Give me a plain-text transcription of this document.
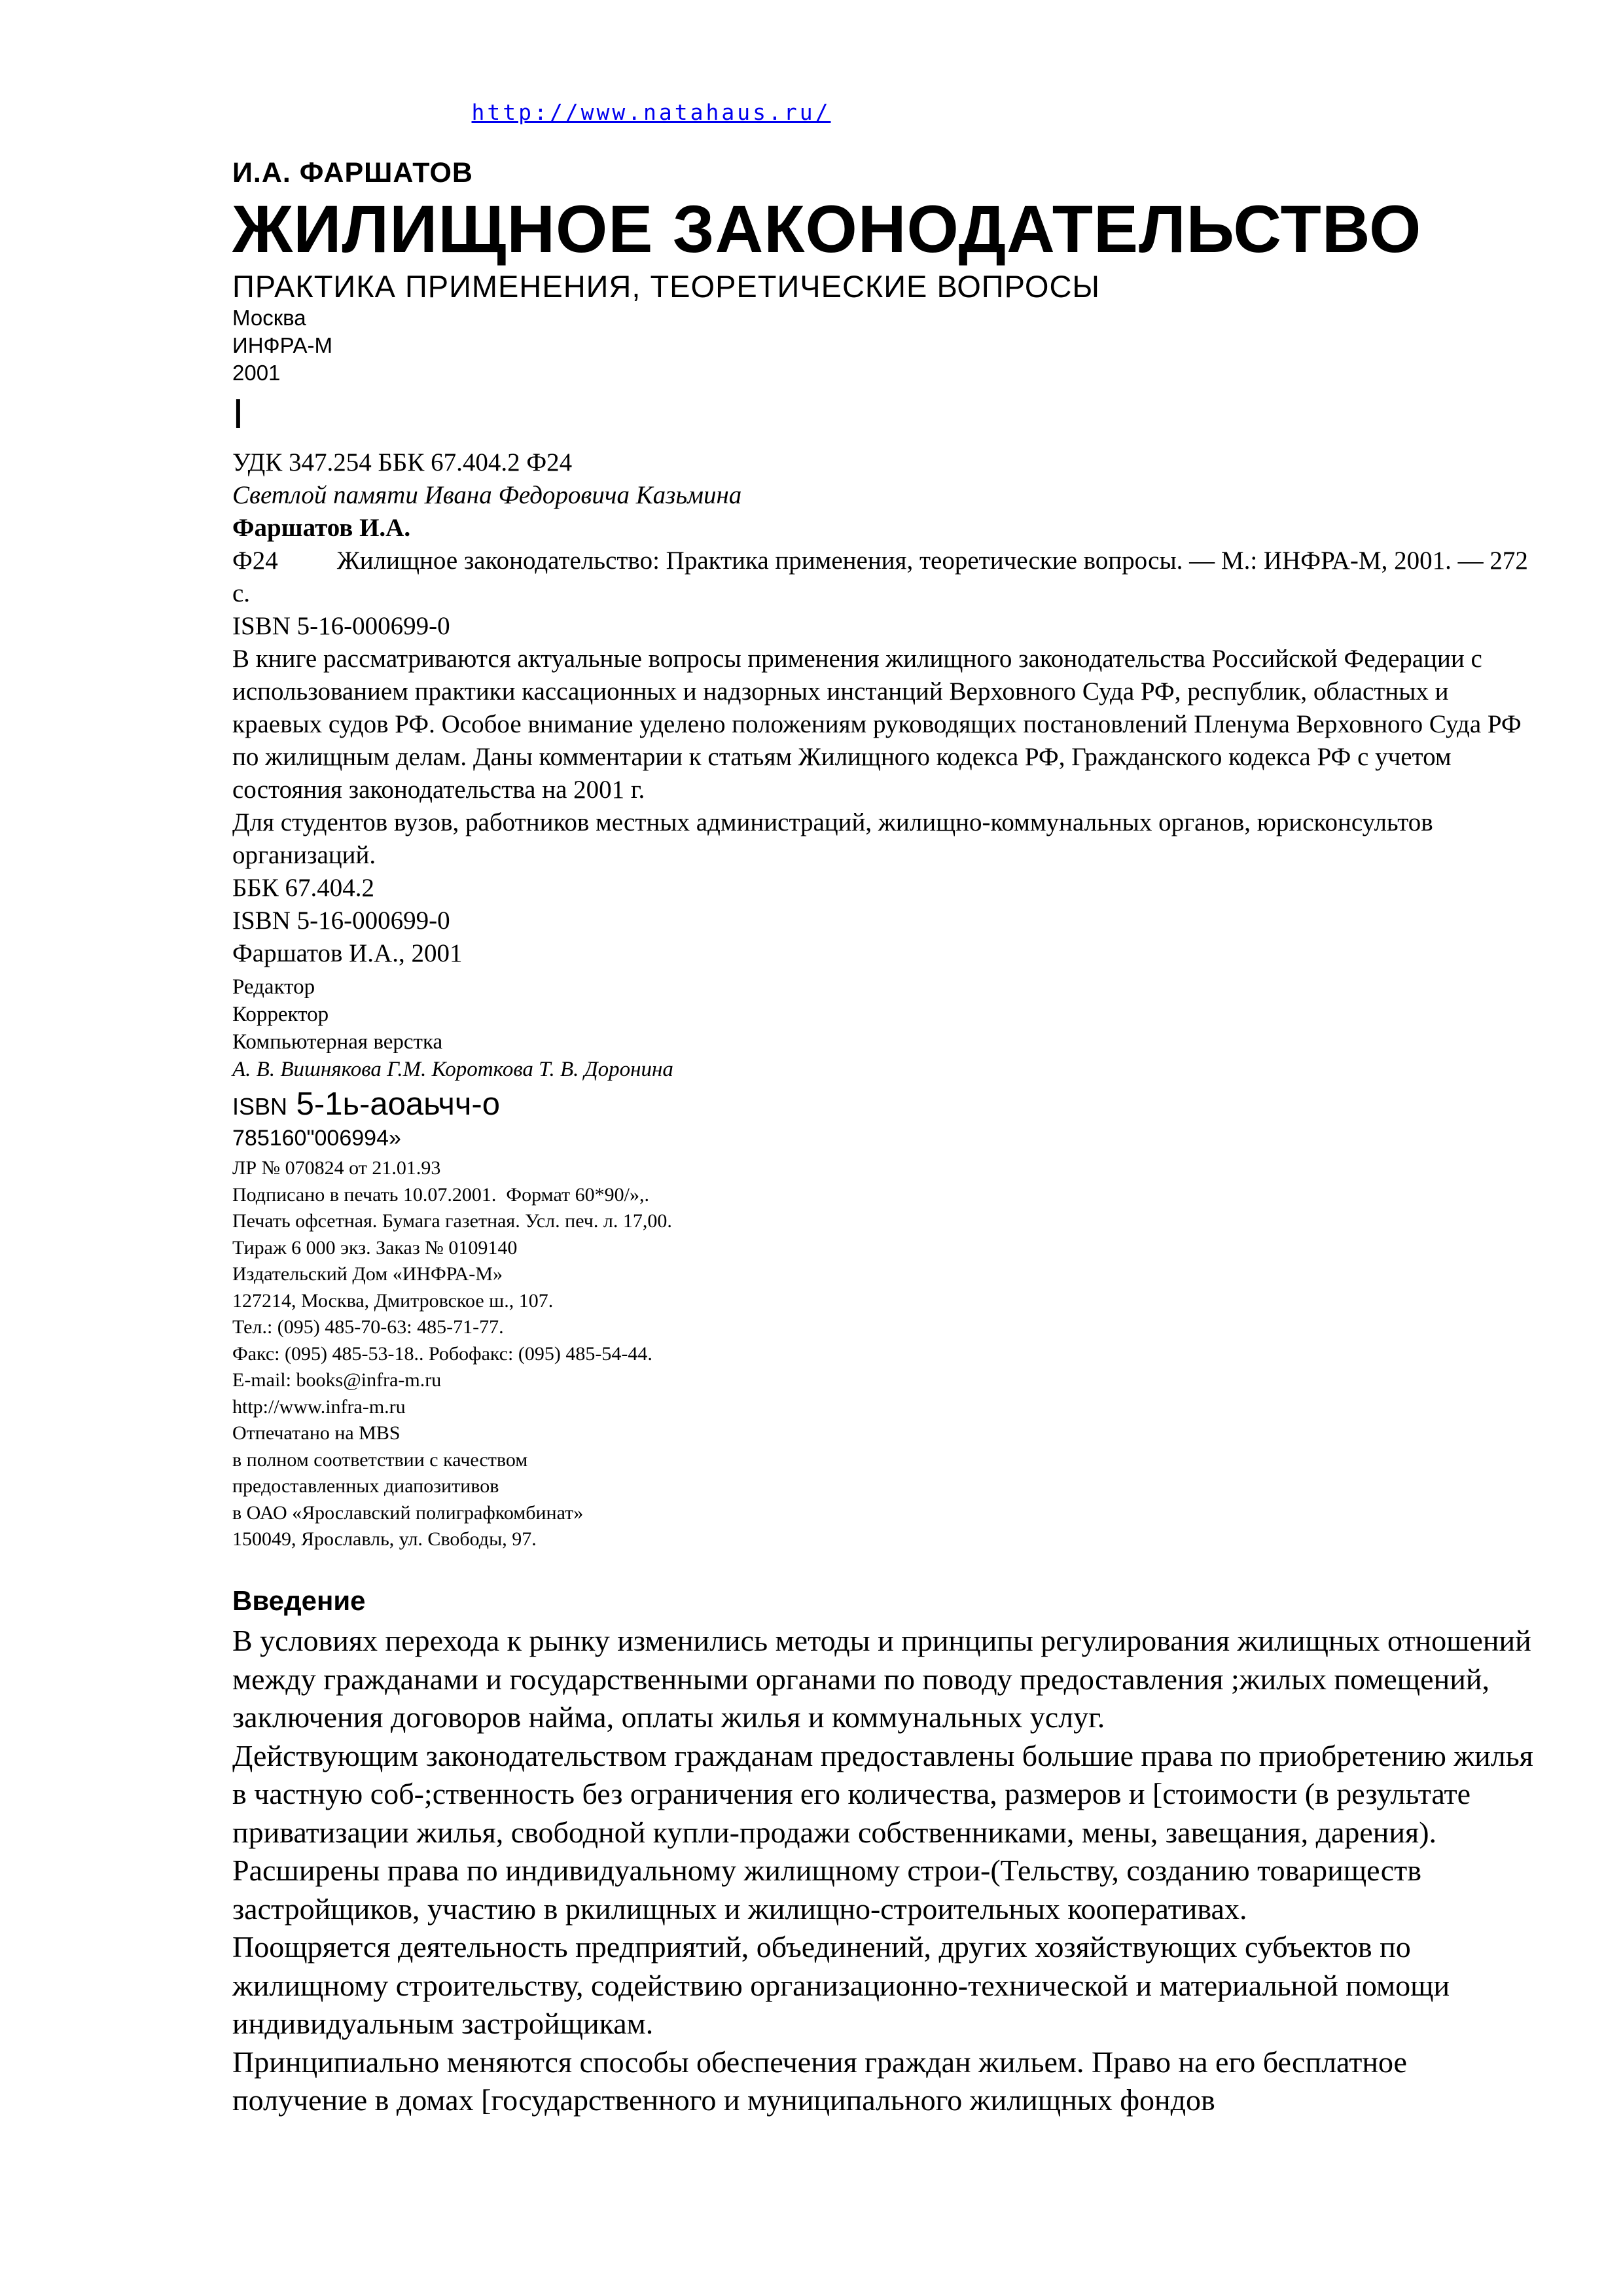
http://www.natahaus.ru/
И.А. ФАРШАТОВ
ЖИЛИЩНОЕ ЗАКОНОДАТЕЛЬСТВО
ПРАКТИКА ПРИМЕНЕНИЯ, ТЕОРЕТИЧЕСКИЕ ВОПРОСЫ
Москва
ИНФРА-М
2001
I

УДК 347.254 ББК 67.404.2 Ф24

Светлой памяти Ивана Федоровича Казьмина

Фаршатов И.А.

Ф24 Жилищное законодательство: Практика применения, теоретические вопросы. — М.: ИНФРА-М, 2001. — 272 с.

ISBN 5-16-000699-0

В книге рассматриваются актуальные вопросы применения жилищного законодательства Российской Федерации с использованием практики кассационных и надзорных инстанций Верховного Суда РФ, республик, областных и краевых судов РФ. Особое внимание уделено положениям руководящих постановлений Пленума Верховного Суда РФ по жилищным делам. Даны комментарии к статьям Жилищного кодекса РФ, Гражданского кодекса РФ с учетом состояния законодательства на 2001 г.

Для студентов вузов, работников местных администраций, жилищно-коммунальных органов, юрисконсультов организаций.

ББК 67.404.2

ISBN 5-16-000699-0

Фаршатов И.А., 2001

Редактор

Корректор

Компьютерная верстка

А. В. Вишнякова Г.М. Короткова Т. В. Доронина

ISBN 5-1ь-аоаьчч-о
785160"006994»

ЛР № 070824 от 21.01.93

Подписано в печать 10.07.2001.  Формат 60*90/»,.

Печать офсетная. Бумага газетная. Усл. печ. л. 17,00.

Тираж 6 000 экз. Заказ № 0109140

Издательский Дом «ИНФРА-М»

127214, Москва, Дмитровское ш., 107.

Тел.: (095) 485-70-63: 485-71-77.

Факс: (095) 485-53-18.. Робофакс: (095) 485-54-44.

E-mail: books@infra-m.ru

http://www.infra-m.ru

Отпечатано на MBS

в полном соответствии с качеством

предоставленных диапозитивов

в ОАО «Ярославский полиграфкомбинат»

150049, Ярославль, ул. Свободы, 97.

Введение

В условиях перехода к рынку изменились методы и принципы регулирования жилищных отношений между гражданами и государственными органами по поводу предоставления ;жилых помещений, заключения договоров найма, оплаты жилья и коммунальных услуг.

Действующим законодательством гражданам предоставлены большие права по приобретению жилья в частную соб-;ственность без ограничения его количества, размеров и [стоимости (в результате приватизации жилья, свободной купли-продажи собственниками, мены, завещания, дарения). Расширены права по индивидуальному жилищному строи-(Тельству, созданию товариществ застройщиков, участию в ркилищных и жилищно-строительных кооперативах.

Поощряется деятельность предприятий, объединений, других хозяйствующих субъектов по жилищному строительству, содействию организационно-технической и материальной помощи индивидуальным застройщикам.

Принципиально меняются способы обеспечения граждан жильем. Право на его бесплатное получение в домах [государственного и муниципального жилищных фондов
